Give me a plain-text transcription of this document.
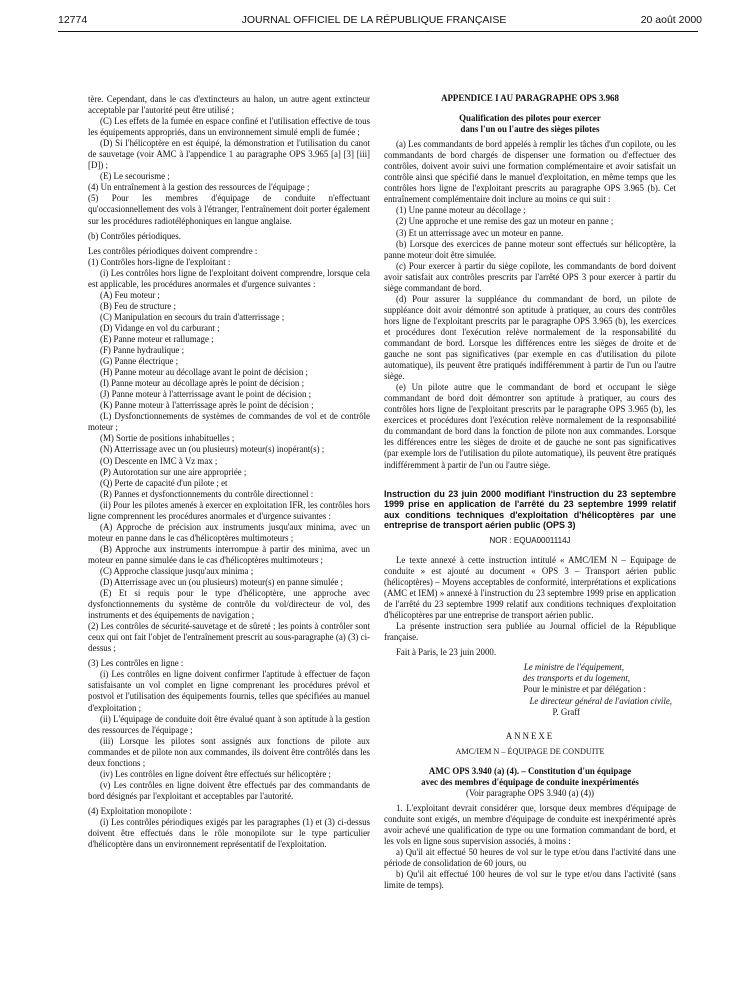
12774	JOURNAL OFFICIEL DE LA RÉPUBLIQUE FRANÇAISE	20 août 2000

tère. Cependant, dans le cas d'extincteurs au halon, un autre agent extincteur acceptable par l'autorité peut être utilisé ;

(C) Les effets de la fumée en espace confiné et l'utilisation effective de tous les équipements appropriés, dans un environnement simulé empli de fumée ;

(D) Si l'hélicoptère en est équipé, la démonstration et l'utilisation du canot de sauvetage (voir AMC à l'appendice 1 au paragraphe OPS 3.965 [a] [3] [iii] [D]) ;

(E) Le secourisme ;

(4) Un entraînement à la gestion des ressources de l'équipage ;

(5) Pour les membres d'équipage de conduite n'effectuant qu'occasionnellement des vols à l'étranger, l'entraînement doit porter également sur les procédures radiotéléphoniques en langue anglaise.

(b) Contrôles périodiques.

Les contrôles périodiques doivent comprendre :

(1) Contrôles hors-ligne de l'exploitant :

(i) Les contrôles hors ligne de l'exploitant doivent comprendre, lorsque cela est applicable, les procédures anormales et d'urgence suivantes :

(A) Feu moteur ;

(B) Feu de structure ;

(C) Manipulation en secours du train d'atterrissage ;

(D) Vidange en vol du carburant ;

(E) Panne moteur et rallumage ;

(F) Panne hydraulique ;

(G) Panne électrique ;

(H) Panne moteur au décollage avant le point de décision ;

(I) Panne moteur au décollage après le point de décision ;

(J) Panne moteur à l'atterrissage avant le point de décision ;

(K) Panne moteur à l'atterrissage après le point de décision ;

(L) Dysfonctionnements de systèmes de commandes de vol et de contrôle moteur ;

(M) Sortie de positions inhabituelles ;

(N) Atterrissage avec un (ou plusieurs) moteur(s) inopérant(s) ;

(O) Descente en IMC à Vz max ;

(P) Autorotation sur une aire appropriée ;

(Q) Perte de capacité d'un pilote ; et

(R) Pannes et dysfonctionnements du contrôle directionnel :

(ii) Pour les pilotes amenés à exercer en exploitation IFR, les contrôles hors ligne comprennent les procédures anormales et d'urgence suivantes :

(A) Approche de précision aux instruments jusqu'aux minima, avec un moteur en panne dans le cas d'hélicoptères multimoteurs ;

(B) Approche aux instruments interrompue à partir des minima, avec un moteur en panne simulée dans le cas d'hélicoptères multimoteurs ;

(C) Approche classique jusqu'aux minima ;

(D) Atterrissage avec un (ou plusieurs) moteur(s) en panne simulée ;

(E) Et si requis pour le type d'hélicoptère, une approche avec dysfonctionnements du système de contrôle du vol/directeur de vol, des instruments et des équipements de navigation ;

(2) Les contrôles de sécurité-sauvetage et de sûreté ; les points à contrôler sont ceux qui ont fait l'objet de l'entraînement prescrit au sous-paragraphe (a) (3) ci-dessus ;

(3) Les contrôles en ligne :

(i) Les contrôles en ligne doivent confirmer l'aptitude à effectuer de façon satisfaisante un vol complet en ligne comprenant les procédures prévol et postvol et l'utilisation des équipements fournis, telles que spécifiées au manuel d'exploitation ;

(ii) L'équipage de conduite doit être évalué quant à son aptitude à la gestion des ressources de l'équipage ;

(iii) Lorsque les pilotes sont assignés aux fonctions de pilote aux commandes et de pilote non aux commandes, ils doivent être contrôlés dans les deux fonctions ;

(iv) Les contrôles en ligne doivent être effectués sur hélicoptère ;

(v) Les contrôles en ligne doivent être effectués par des commandants de bord désignés par l'exploitant et acceptables par l'autorité.

(4) Exploitation monopilote :

(i) Les contrôles périodiques exigés par les paragraphes (1) et (3) ci-dessus doivent être effectués dans le rôle monopilote sur le type particulier d'hélicoptère dans un environnement représentatif de l'exploitation.

APPENDICE I AU PARAGRAPHE OPS 3.968

Qualification des pilotes pour exercer

dans l'un ou l'autre des sièges pilotes

(a) Les commandants de bord appelés à remplir les tâches d'un copilote, ou les commandants de bord chargés de dispenser une formation ou d'effectuer des contrôles, doivent avoir suivi une formation complémentaire et avoir satisfait un contrôle ainsi que spécifié dans le manuel d'exploitation, en même temps que les contrôles hors ligne de l'exploitant prescrits au paragraphe OPS 3.965 (b). Cet entraînement complémentaire doit inclure au moins ce qui suit :

(1) Une panne moteur au décollage ;

(2) Une approche et une remise des gaz un moteur en panne ;

(3) Et un atterrissage avec un moteur en panne.

(b) Lorsque des exercices de panne moteur sont effectués sur hélicoptère, la panne moteur doit être simulée.

(c) Pour exercer à partir du siège copilote, les commandants de bord doivent avoir satisfait aux contrôles prescrits par l'arrêté OPS 3 pour exercer à partir du siège commandant de bord.

(d) Pour assurer la suppléance du commandant de bord, un pilote de suppléance doit avoir démontré son aptitude à pratiquer, au cours des contrôles hors ligne de l'exploitant prescrits par le paragraphe OPS 3.965 (b), les exercices et procédures dont l'exécution relève normalement de la responsabilité du commandant de bord. Lorsque les différences entre les sièges de droite et de gauche ne sont pas significatives (par exemple en cas d'utilisation du pilote automatique), ils peuvent être pratiqués indifféremment à partir de l'un ou l'autre siège.

(e) Un pilote autre que le commandant de bord et occupant le siège commandant de bord doit démontrer son aptitude à pratiquer, au cours des contrôles hors ligne de l'exploitant prescrits par le paragraphe OPS 3.965 (b), les exercices et procédures dont l'exécution relève normalement de la responsabilité du commandant de bord dans la fonction de pilote non aux commandes. Lorsque les différences entre les sièges de droite et de gauche ne sont pas significatives (par exemple lors de l'utilisation du pilote automatique), ils peuvent être pratiqués indifféremment à partir de l'un ou l'autre siège.

Instruction du 23 juin 2000 modifiant l'instruction du 23 septembre 1999 prise en application de l'arrêté du 23 septembre 1999 relatif aux conditions techniques d'exploitation d'hélicoptères par une entreprise de transport aérien public (OPS 3)

NOR : EQUA0001114J

Le texte annexé à cette instruction intitulé « AMC/IEM N – Equipage de conduite » est ajouté au document « OPS 3 – Transport aérien public (hélicoptères) – Moyens acceptables de conformité, interprétations et explications (AMC et IEM) » annexé à l'instruction du 23 septembre 1999 prise en application de l'arrêté du 23 septembre 1999 relatif aux conditions techniques d'exploitation d'hélicoptères par une entreprise de transport aérien public.

La présente instruction sera publiée au Journal officiel de la République française.

Fait à Paris, le 23 juin 2000.

Le ministre de l'équipement,

des transports et du logement,

Pour le ministre et par délégation :

Le directeur général de l'aviation civile,

P. Graff

ANNEXE

AMC/IEM N – ÉQUIPAGE DE CONDUITE

AMC OPS 3.940 (a) (4). – Constitution d'un équipage

avec des membres d'équipage de conduite inexpérimentés

(Voir paragraphe OPS 3.940 (a) (4))

1. L'exploitant devrait considérer que, lorsque deux membres d'équipage de conduite sont exigés, un membre d'équipage de conduite est inexpérimenté après avoir achevé une qualification de type ou une formation commandant de bord, et les vols en ligne sous supervision associés, à moins :

a) Qu'il ait effectué 50 heures de vol sur le type et/ou dans l'activité dans une période de consolidation de 60 jours, ou

b) Qu'il ait effectué 100 heures de vol sur le type et/ou dans l'activité (sans limite de temps).
